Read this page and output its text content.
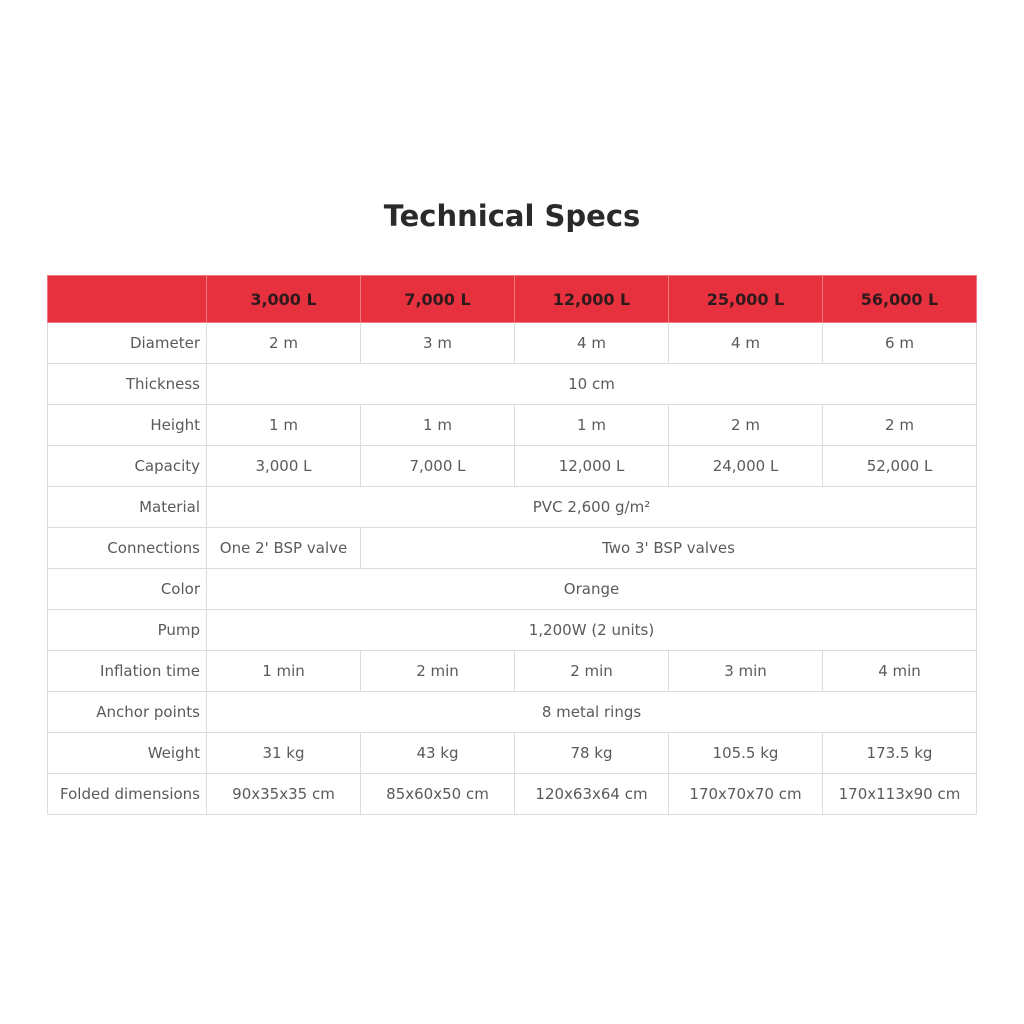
Technical Specs
	3,000 L	7,000 L	12,000 L	25,000 L	56,000 L
Diameter	2 m	3 m	4 m	4 m	6 m
Thickness	10 cm				
Height	1 m	1 m	1 m	2 m	2 m
Capacity	3,000 L	7,000 L	12,000 L	24,000 L	52,000 L
Material	PVC 2,600 g/m²				
Connections	One 2' BSP valve	Two 3' BSP valves			
Color	Orange				
Pump	1,200W (2 units)				
Inflation time	1 min	2 min	2 min	3 min	4 min
Anchor points	8 metal rings				
Weight	31 kg	43 kg	78 kg	105.5 kg	173.5 kg
Folded dimensions	90x35x35 cm	85x60x50 cm	120x63x64 cm	170x70x70 cm	170x113x90 cm
